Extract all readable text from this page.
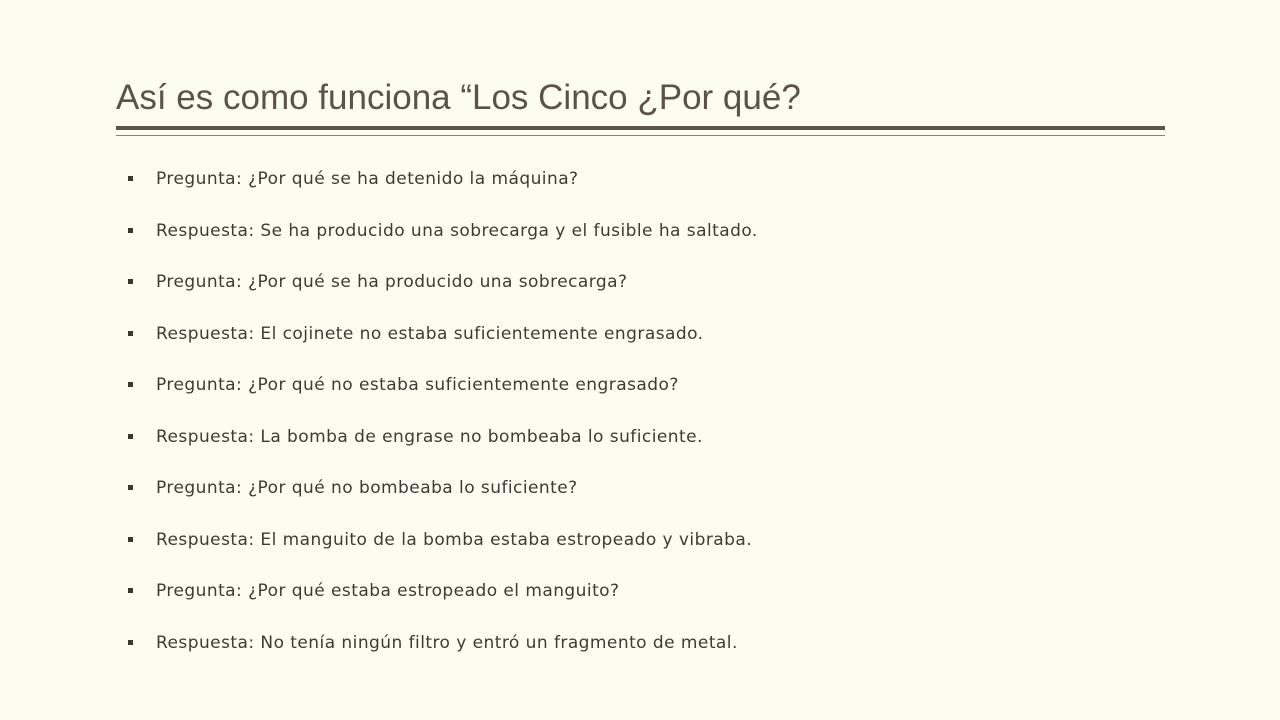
Así es como funciona “Los Cinco ¿Por qué?
Pregunta: ¿Por qué se ha detenido la máquina?
Respuesta: Se ha producido una sobrecarga y el fusible ha saltado.
Pregunta: ¿Por qué se ha producido una sobrecarga?
Respuesta: El cojinete no estaba suficientemente engrasado.
Pregunta: ¿Por qué no estaba suficientemente engrasado?
Respuesta: La bomba de engrase no bombeaba lo suficiente.
Pregunta: ¿Por qué no bombeaba lo suficiente?
Respuesta: El manguito de la bomba estaba estropeado y vibraba.
Pregunta: ¿Por qué estaba estropeado el manguito?
Respuesta: No tenía ningún filtro y entró un fragmento de metal.
